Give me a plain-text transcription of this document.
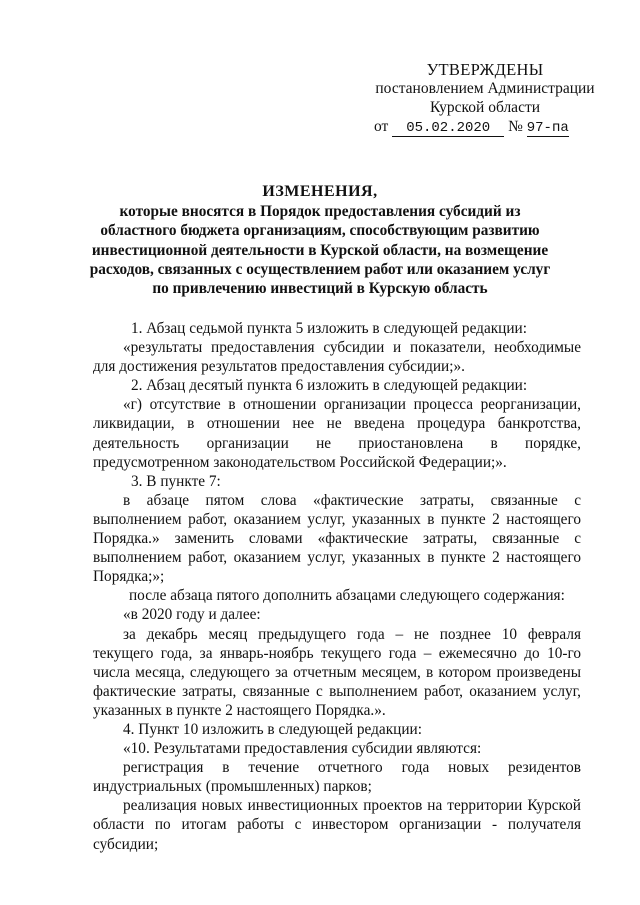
УТВЕРЖДЕНЫ
постановлением Администрации
Курской области
от 05.02.2020 № 97-па
ИЗМЕНЕНИЯ,
которые вносятся в Порядок предоставления субсидий из
областного бюджета организациям, способствующим развитию
инвестиционной деятельности в Курской области, на возмещение
расходов, связанных с осуществлением работ или оказанием услуг
по привлечению инвестиций в Курскую область

1. Абзац седьмой пункта 5 изложить в следующей редакции:

«результаты предоставления субсидии и показатели, необходимые для достижения результатов предоставления субсидии;».

2. Абзац десятый пункта 6 изложить в следующей редакции:

«г) отсутствие в отношении организации процесса реорганизации, ликвидации, в отношении нее не введена процедура банкротства, деятельность организации не приостановлена в порядке, предусмотренном законодательством Российской Федерации;».

3. В пункте 7:

в абзаце пятом слова «фактические затраты, связанные с выполнением работ, оказанием услуг, указанных в пункте 2 настоящего Порядка.» заменить словами «фактические затраты, связанные с выполнением работ, оказанием услуг, указанных в пункте 2 настоящего Порядка;»;

после абзаца пятого дополнить абзацами следующего содержания:

«в 2020 году и далее:

за декабрь месяц предыдущего года – не позднее 10 февраля текущего года, за январь-ноябрь текущего года – ежемесячно до 10-го числа месяца, следующего за отчетным месяцем, в котором произведены фактические затраты, связанные с выполнением работ, оказанием услуг, указанных в пункте 2 настоящего Порядка.».

4. Пункт 10 изложить в следующей редакции:

«10. Результатами предоставления субсидии являются:

регистрация в течение отчетного года новых резидентов индустриальных (промышленных) парков;

реализация новых инвестиционных проектов на территории Курской области по итогам работы с инвестором организации - получателя субсидии;
